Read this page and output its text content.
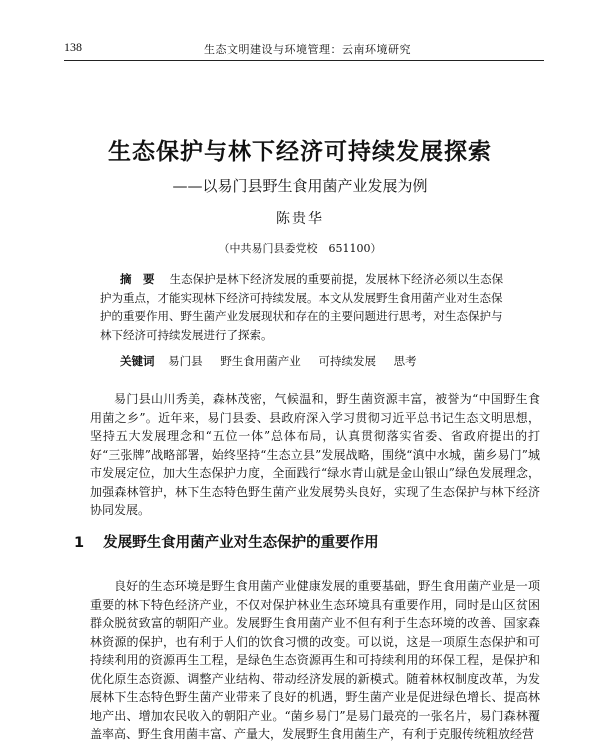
138	生态文明建设与环境管理：云南环境研究
生态保护与林下经济可持续发展探索
——以易门县野生食用菌产业发展为例
陈贵华
（中共易门县委党校　651100）
摘　要　 生态保护是林下经济发展的重要前提，发展林下经济必须以生态保护为重点，才能实现林下经济可持续发展。本文从发展野生食用菌产业对生态保护的重要作用、野生菌产业发展现状和存在的主要问题进行思考，对生态保护与林下经济可持续发展进行了探索。
关键词 易门县 野生食用菌产业 可持续发展 思考

易门县山川秀美，森林茂密，气候温和，野生菌资源丰富，被誉为“中国野生食用菌之乡”。近年来，易门县委、县政府深入学习贯彻习近平总书记生态文明思想，坚持五大发展理念和“五位一体”总体布局，认真贯彻落实省委、省政府提出的打好“三张牌”战略部署，始终坚持“生态立县”发展战略，围绕“滇中水城，菌乡易门”城市发展定位，加大生态保护力度，全面践行“绿水青山就是金山银山”绿色发展理念，加强森林管护，林下生态特色野生菌产业发展势头良好，实现了生态保护与林下经济协同发展。

1 发展野生食用菌产业对生态保护的重要作用

良好的生态环境是野生食用菌产业健康发展的重要基础，野生食用菌产业是一项重要的林下特色经济产业，不仅对保护林业生态环境具有重要作用，同时是山区贫困群众脱贫致富的朝阳产业。发展野生食用菌产业不但有利于生态环境的改善、国家森林资源的保护，也有利于人们的饮食习惯的改变。可以说，这是一项原生态保护和可持续利用的资源再生工程，是绿色生态资源再生和可持续利用的环保工程，是保护和优化原生态资源、调整产业结构、带动经济发展的新模式。随着林权制度改革，为发展林下生态特色野生菌产业带来了良好的机遇，野生菌产业是促进绿色增长、提高林地产出、增加农民收入的朝阳产业。“菌乡易门”是易门最亮的一张名片，易门森林覆盖率高、野生食用菌丰富、产量大，发展野生食用菌生产，有利于克服传统粗放经营
